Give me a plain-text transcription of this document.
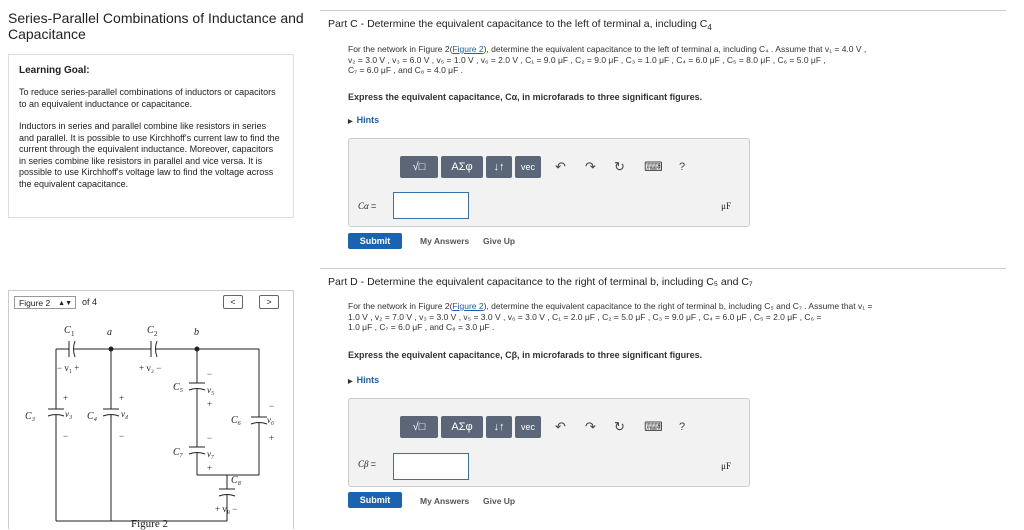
Series-Parallel Combinations of Inductance and Capacitance
Learning Goal:
To reduce series-parallel combinations of inductors or capacitors to an equivalent inductance or capacitance.
Inductors in series and parallel combine like resistors in series and parallel. It is possible to use Kirchhoff's current law to find the current through the equivalent inductance. Moreover, capacitors in series combine like resistors in parallel and vice versa. It is possible to use Kirchhoff's voltage law to find the voltage across the equivalent capacitance.
Figure 2 ▲▼ of 4	<	>
C 1	a	C 2	b
− v₁ +	+ v₂ −
C₅	v₅
−
+
C₃	v₃
+
−
C₄	v₄
+
−
C₆	v₆
−
+
C₇	v₇
−
+
C₈
+ v₈ −
Figure 2
Part C - Determine the equivalent capacitance to the left of terminal a, including $C_4$
For the network in Figure 2(Figure 2), determine the equivalent capacitance to the left of terminal a, including C₄ . Assume that v₁ = 4.0 V ,
v₂ = 3.0 V , v₃ = 6.0 V , v₅ = 1.0 V , v₆ = 2.0 V , C₁ = 9.0 μF , C₂ = 9.0 μF , C₃ = 1.0 μF , C₄ = 6.0 μF , C₅ = 8.0 μF , C₆ = 5.0 μF ,
C₇ = 6.0 μF , and C₈ = 4.0 μF .
Express the equivalent capacitance, Cα, in microfarads to three significant figures.
▶ Hints
√□	ΑΣφ	↓↑	vec	↶ ↷ ↻ ⌨ ?
Cα =	μF
Submit	My Answers Give Up
Part D - Determine the equivalent capacitance to the right of terminal b, including C₅ and C₇
For the network in Figure 2(Figure 2), determine the equivalent capacitance to the right of terminal b, including C₅ and C₇ . Assume that v₁ =
1.0 V , v₂ = 7.0 V , v₃ = 3.0 V , v₅ = 3.0 V , v₆ = 3.0 V , C₁ = 2.0 μF , C₂ = 5.0 μF , C₃ = 9.0 μF , C₄ = 6.0 μF , C₅ = 2.0 μF , C₆ =
1.0 μF , C₇ = 6.0 μF , and C₈ = 3.0 μF .
Express the equivalent capacitance, Cβ, in microfarads to three significant figures.
▶ Hints
√□	ΑΣφ	↓↑	vec	↶ ↷ ↻ ⌨ ?
Cβ =	μF
Submit	My Answers Give Up
